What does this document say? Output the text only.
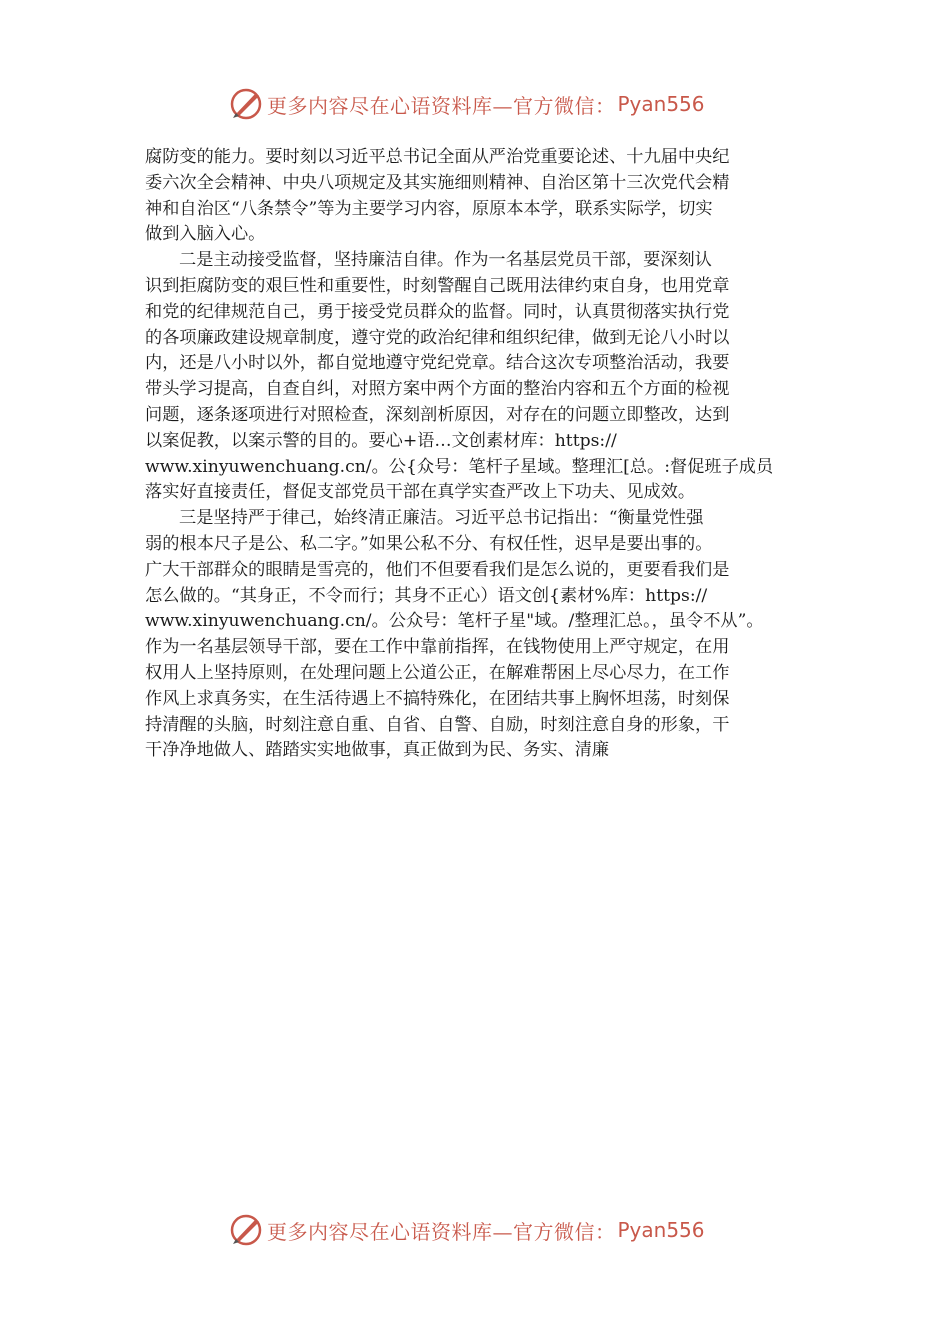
更多内容尽在心语资料库—官方微信： Pyan556
腐防变的能力。要时刻以习近平总书记全面从严治党重要论述、十九届中央纪
委六次全会精神、中央八项规定及其实施细则精神、自治区第十三次党代会精
神和自治区“八条禁令”等为主要学习内容，原原本本学，联系实际学，切实
做到入脑入心。
二是主动接受监督，坚持廉洁自律。作为一名基层党员干部，要深刻认
识到拒腐防变的艰巨性和重要性，时刻警醒自己既用法律约束自身，也用党章
和党的纪律规范自己，勇于接受党员群众的监督。同时，认真贯彻落实执行党
的各项廉政建设规章制度，遵守党的政治纪律和组织纪律，做到无论八小时以
内，还是八小时以外，都自觉地遵守党纪党章。结合这次专项整治活动，我要
带头学习提高，自查自纠，对照方案中两个方面的整治内容和五个方面的检视
问题，逐条逐项进行对照检查，深刻剖析原因，对存在的问题立即整改，达到
以案促教，以案示警的目的。要心+语…文创素材库：https://
www.xinyuwenchuang.cn/。公{众号：笔杆子星域。整理汇[总。:督促班子成员
落实好直接责任，督促支部党员干部在真学实查严改上下功夫、见成效。
三是坚持严于律己，始终清正廉洁。习近平总书记指出：“衡量党性强
弱的根本尺子是公、私二字。”如果公私不分、有权任性，迟早是要出事的。
广大干部群众的眼睛是雪亮的，他们不但要看我们是怎么说的，更要看我们是
怎么做的。“其身正，不令而行；其身不正心）语文创{素材%库：https://
www.xinyuwenchuang.cn/。公众号：笔杆子星"域。/整理汇总。，虽令不从”。
作为一名基层领导干部，要在工作中靠前指挥，在钱物使用上严守规定，在用
权用人上坚持原则，在处理问题上公道公正，在解难帮困上尽心尽力，在工作
作风上求真务实，在生活待遇上不搞特殊化，在团结共事上胸怀坦荡，时刻保
持清醒的头脑，时刻注意自重、自省、自警、自励，时刻注意自身的形象，干
干净净地做人、踏踏实实地做事，真正做到为民、务实、清廉
更多内容尽在心语资料库—官方微信： Pyan556
